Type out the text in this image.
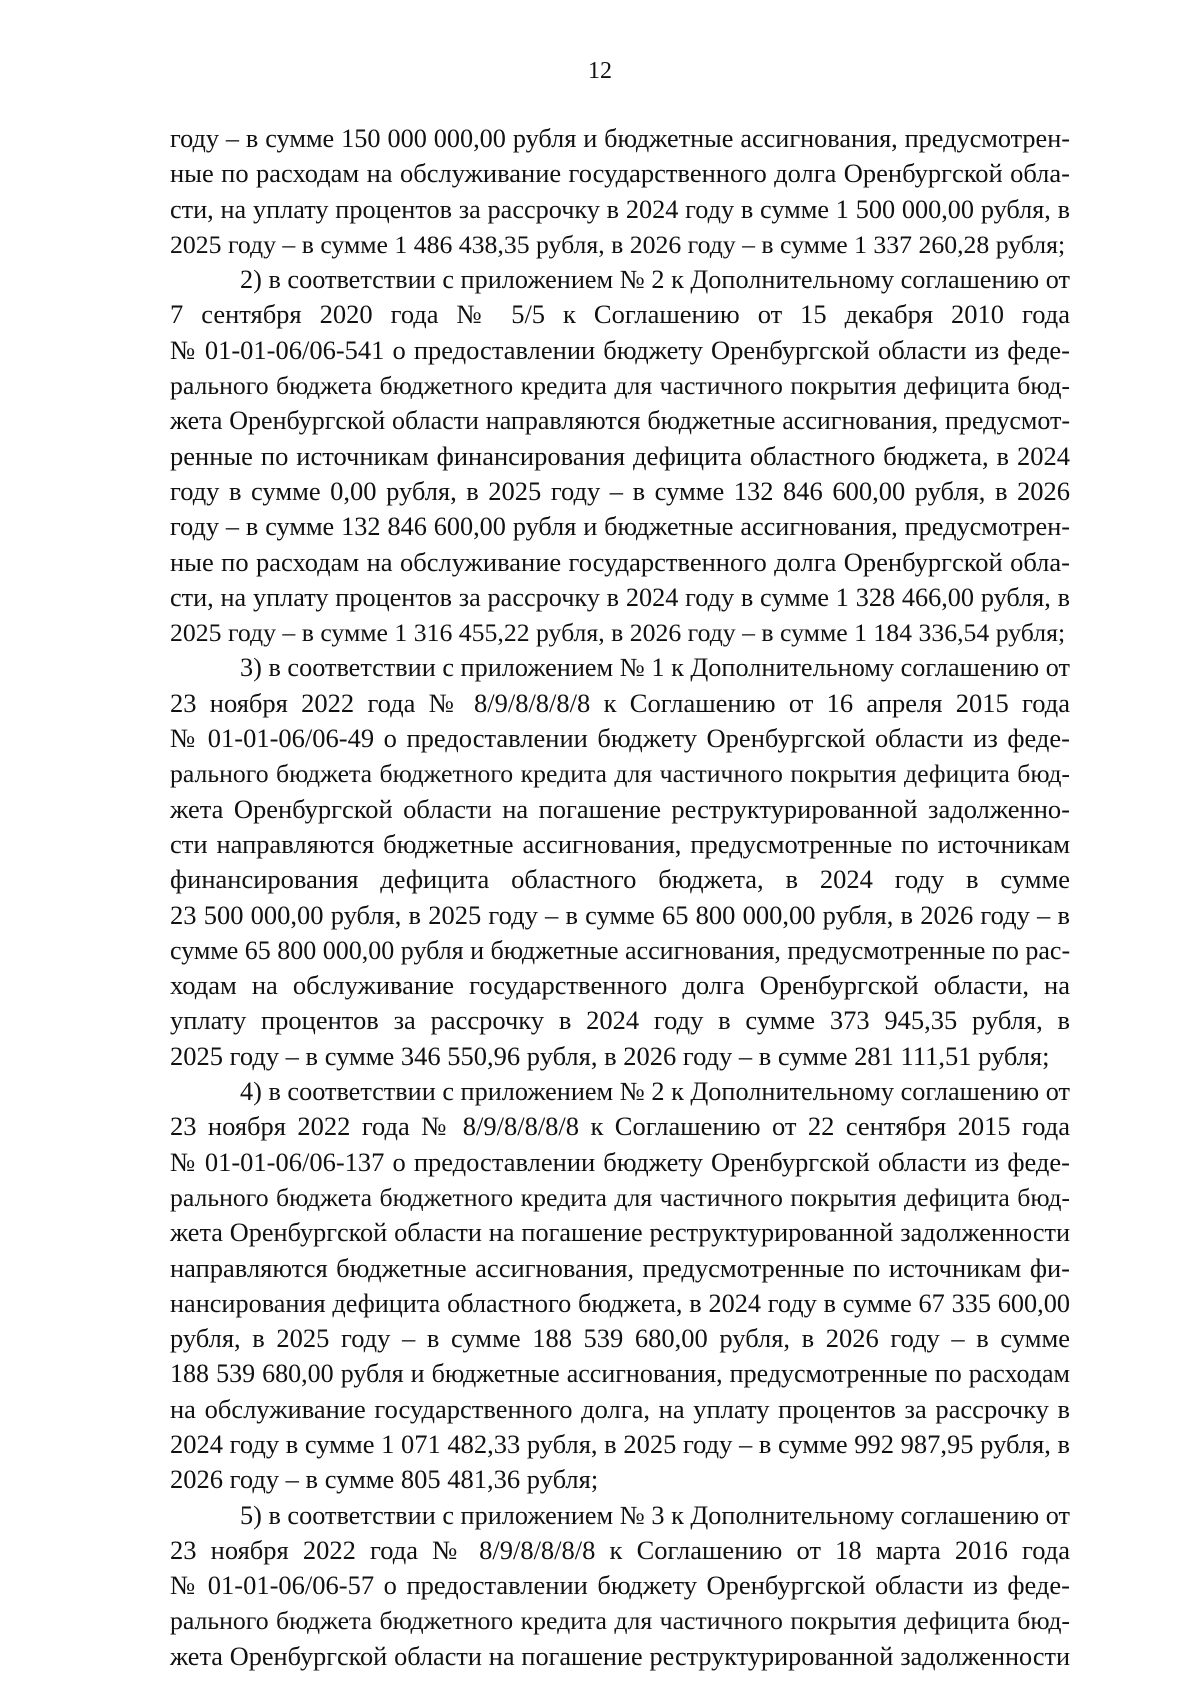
12
году – в сумме 150 000 000,00 рубля и бюджетные ассигнования, предусмотрен-
ные по расходам на обслуживание государственного долга Оренбургской обла-
сти, на уплату процентов за рассрочку в 2024 году в сумме 1 500 000,00 рубля, в
2025 году – в сумме 1 486 438,35 рубля, в 2026 году – в сумме 1 337 260,28 рубля;
2) в соответствии с приложением № 2 к Дополнительному соглашению от
7 сентября 2020 года № 5/5 к Соглашению от 15 декабря 2010 года
№ 01-01-06/06-541 о предоставлении бюджету Оренбургской области из феде-
рального бюджета бюджетного кредита для частичного покрытия дефицита бюд-
жета Оренбургской области направляются бюджетные ассигнования, предусмот-
ренные по источникам финансирования дефицита областного бюджета, в 2024
году в сумме 0,00 рубля, в 2025 году – в сумме 132 846 600,00 рубля, в 2026
году – в сумме 132 846 600,00 рубля и бюджетные ассигнования, предусмотрен-
ные по расходам на обслуживание государственного долга Оренбургской обла-
сти, на уплату процентов за рассрочку в 2024 году в сумме 1 328 466,00 рубля, в
2025 году – в сумме 1 316 455,22 рубля, в 2026 году – в сумме 1 184 336,54 рубля;
3) в соответствии с приложением № 1 к Дополнительному соглашению от
23 ноября 2022 года № 8/9/8/8/8/8 к Соглашению от 16 апреля 2015 года
№ 01-01-06/06-49 о предоставлении бюджету Оренбургской области из феде-
рального бюджета бюджетного кредита для частичного покрытия дефицита бюд-
жета Оренбургской области на погашение реструктурированной задолженно-
сти направляются бюджетные ассигнования, предусмотренные по источникам
финансирования дефицита областного бюджета, в 2024 году в сумме
23 500 000,00 рубля, в 2025 году – в сумме 65 800 000,00 рубля, в 2026 году – в
сумме 65 800 000,00 рубля и бюджетные ассигнования, предусмотренные по рас-
ходам на обслуживание государственного долга Оренбургской области, на
уплату процентов за рассрочку в 2024 году в сумме 373 945,35 рубля, в
2025 году – в сумме 346 550,96 рубля, в 2026 году – в сумме 281 111,51 рубля;
4) в соответствии с приложением № 2 к Дополнительному соглашению от
23 ноября 2022 года № 8/9/8/8/8/8 к Соглашению от 22 сентября 2015 года
№ 01-01-06/06-137 о предоставлении бюджету Оренбургской области из феде-
рального бюджета бюджетного кредита для частичного покрытия дефицита бюд-
жета Оренбургской области на погашение реструктурированной задолженности
направляются бюджетные ассигнования, предусмотренные по источникам фи-
нансирования дефицита областного бюджета, в 2024 году в сумме 67 335 600,00
рубля, в 2025 году – в сумме 188 539 680,00 рубля, в 2026 году – в сумме
188 539 680,00 рубля и бюджетные ассигнования, предусмотренные по расходам
на обслуживание государственного долга, на уплату процентов за рассрочку в
2024 году в сумме 1 071 482,33 рубля, в 2025 году – в сумме 992 987,95 рубля, в
2026 году – в сумме 805 481,36 рубля;
5) в соответствии с приложением № 3 к Дополнительному соглашению от
23 ноября 2022 года № 8/9/8/8/8/8 к Соглашению от 18 марта 2016 года
№ 01-01-06/06-57 о предоставлении бюджету Оренбургской области из феде-
рального бюджета бюджетного кредита для частичного покрытия дефицита бюд-
жета Оренбургской области на погашение реструктурированной задолженности
